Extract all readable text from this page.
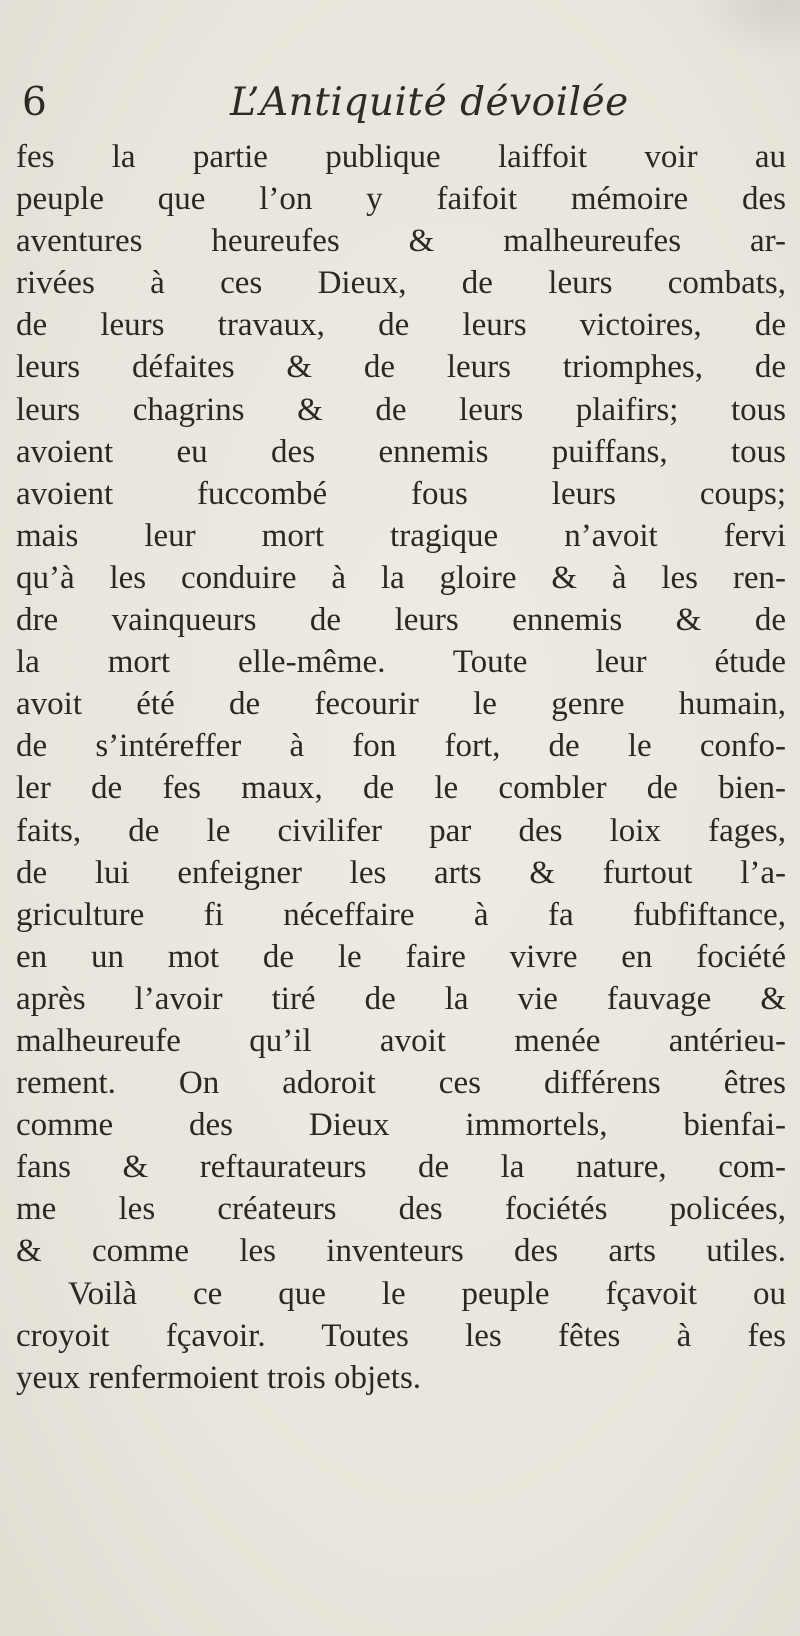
6	L’Antiquité dévoilée
fes la partie publique laiffoit voir au
peuple que l’on y faifoit mémoire des
aventures heureufes & malheureufes ar-
rivées à ces Dieux, de leurs combats,
de leurs travaux, de leurs victoires, de
leurs défaites & de leurs triomphes, de
leurs chagrins & de leurs plaifirs; tous
avoient eu des ennemis puiffans, tous
avoient fuccombé fous leurs coups;
mais leur mort tragique n’avoit fervi
qu’à les conduire à la gloire & à les ren-
dre vainqueurs de leurs ennemis & de
la mort elle-même. Toute leur étude
avoit été de fecourir le genre humain,
de s’intéreffer à fon fort, de le confo-
ler de fes maux, de le combler de bien-
faits, de le civilifer par des loix fages,
de lui enfeigner les arts & furtout l’a-
griculture fi néceffaire à fa fubfiftance,
en un mot de le faire vivre en fociété
après l’avoir tiré de la vie fauvage &
malheureufe qu’il avoit menée antérieu-
rement. On adoroit ces différens êtres
comme des Dieux immortels, bienfai-
fans & reftaurateurs de la nature, com-
me les créateurs des fociétés policées,
& comme les inventeurs des arts utiles.
Voilà ce que le peuple fçavoit ou
croyoit fçavoir. Toutes les fêtes à fes
yeux renfermoient trois objets.
